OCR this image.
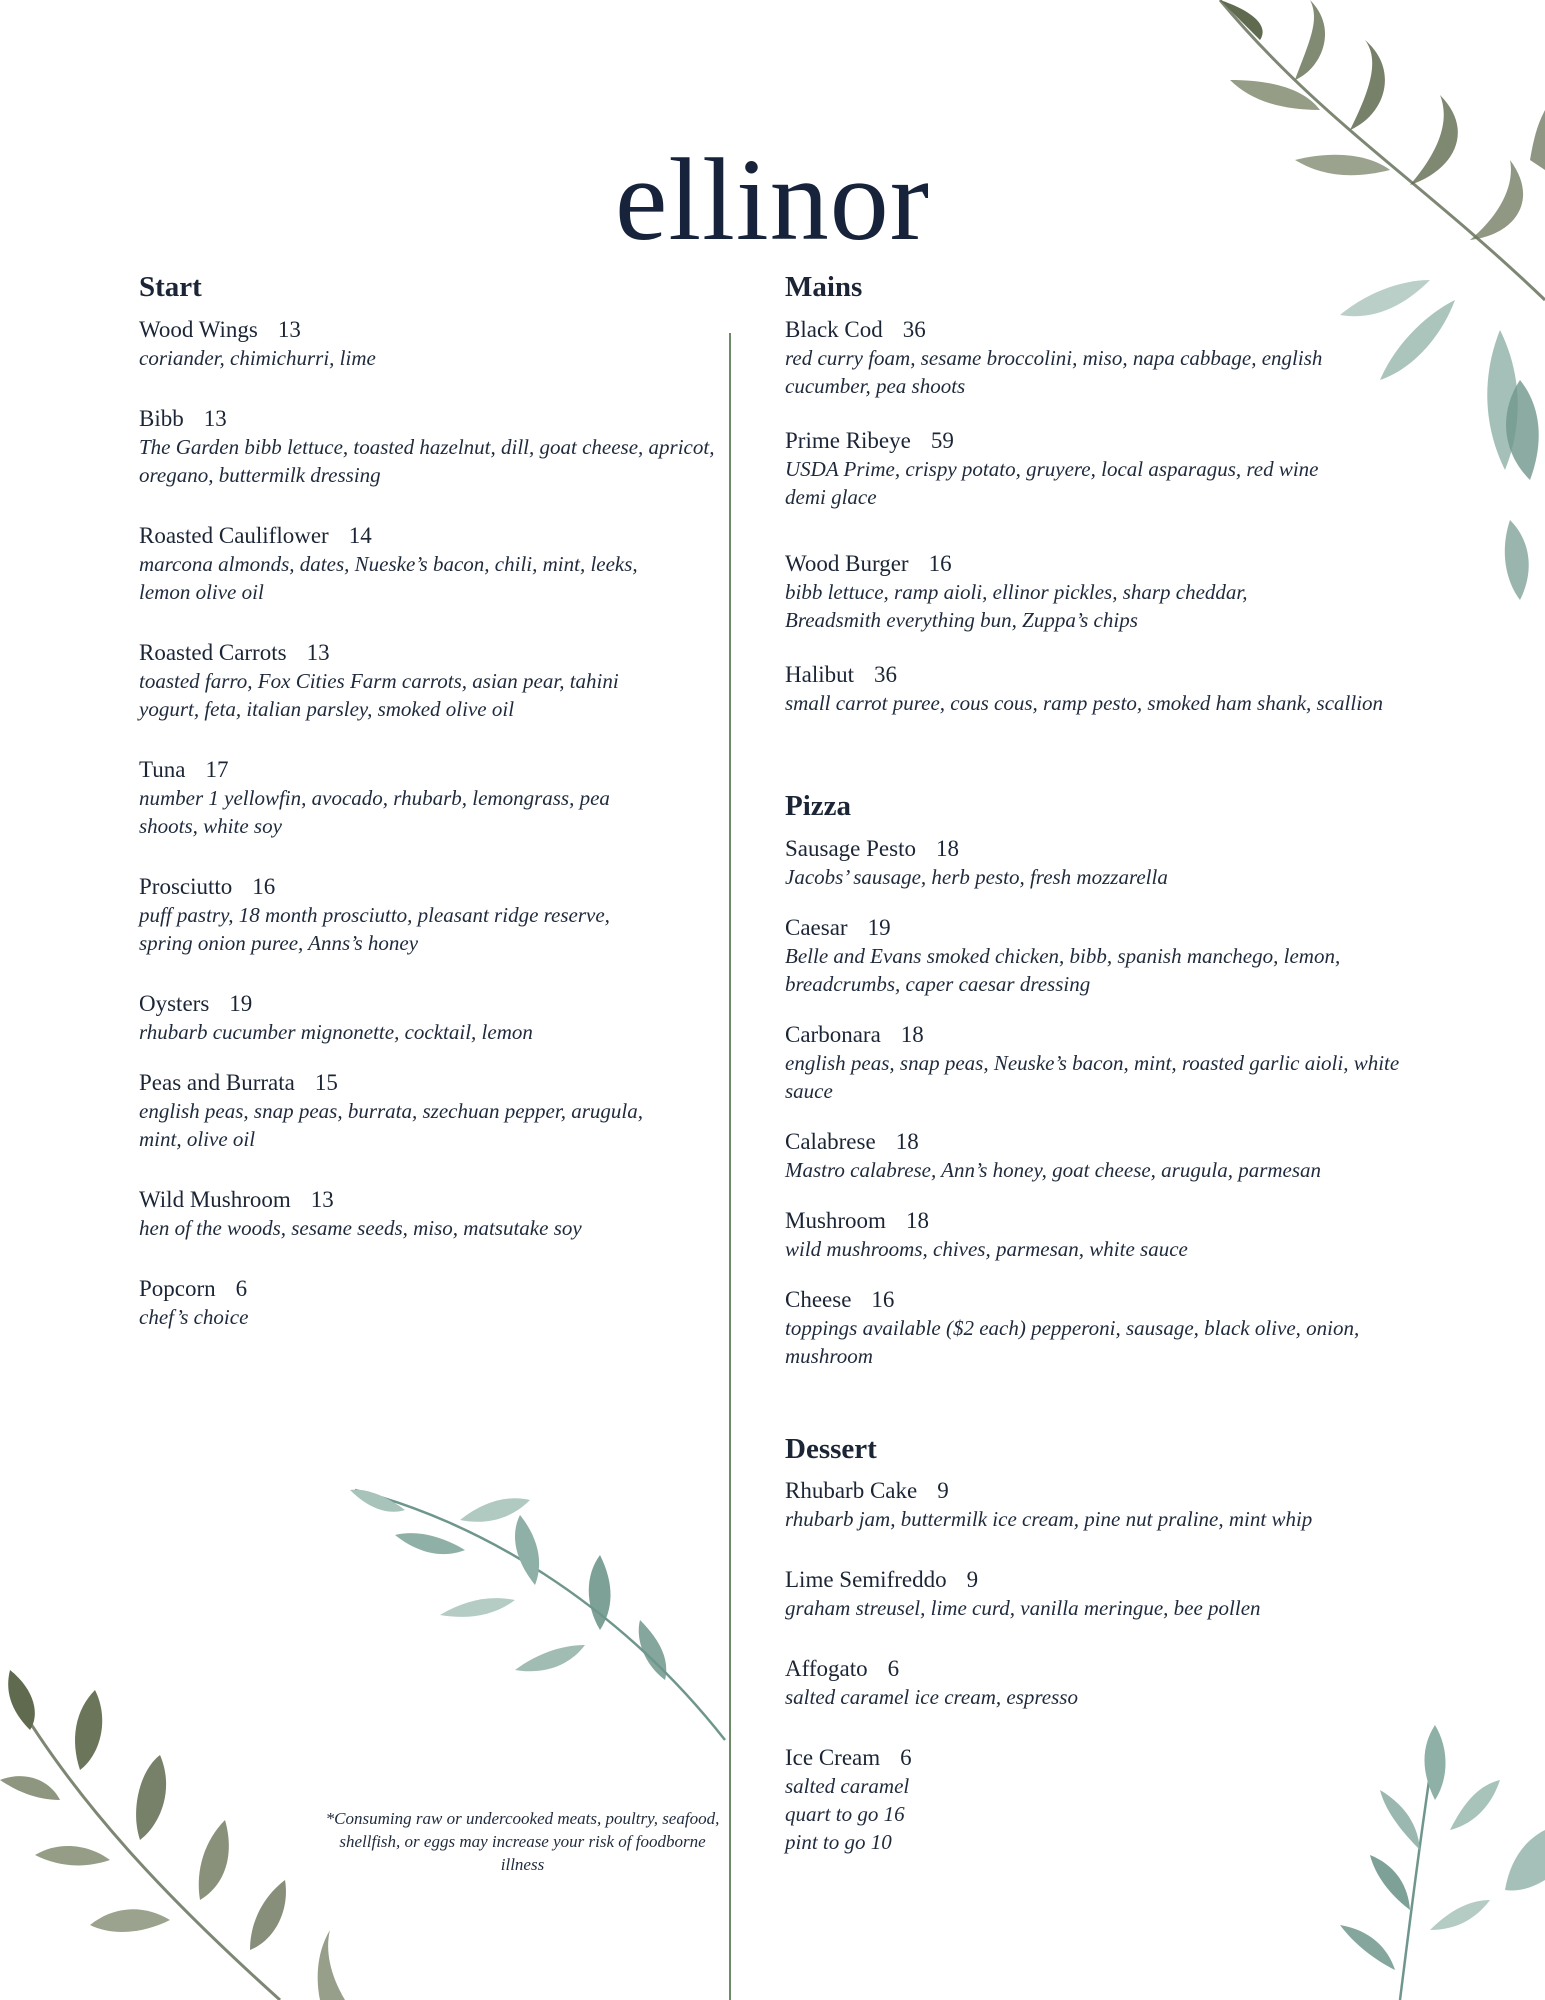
ellinor
Start
Wood Wings 13
coriander, chimichurri, lime
Bibb 13
The Garden bibb lettuce, toasted hazelnut, dill, goat cheese, apricot, oregano, buttermilk dressing
Roasted Cauliflower 14
marcona almonds, dates, Nueske’s bacon, chili, mint, leeks, lemon olive oil
Roasted Carrots 13
toasted farro, Fox Cities Farm carrots, asian pear, tahini yogurt, feta, italian parsley, smoked olive oil
Tuna 17
number 1 yellowfin, avocado, rhubarb, lemongrass, pea shoots, white soy
Prosciutto 16
puff pastry, 18 month prosciutto, pleasant ridge reserve, spring onion puree, Anns’s honey
Oysters 19
rhubarb cucumber mignonette, cocktail, lemon
Peas and Burrata 15
english peas, snap peas, burrata, szechuan pepper, arugula, mint, olive oil
Wild Mushroom 13
hen of the woods, sesame seeds, miso, matsutake soy
Popcorn 6
chef’s choice
Mains
Black Cod 36
red curry foam, sesame broccolini, miso, napa cabbage, english cucumber, pea shoots
Prime Ribeye 59
USDA Prime, crispy potato, gruyere, local asparagus, red wine demi glace
Wood Burger 16
bibb lettuce, ramp aioli, ellinor pickles, sharp cheddar, Breadsmith everything bun, Zuppa’s chips
Halibut 36
small carrot puree, cous cous, ramp pesto, smoked ham shank, scallion
Pizza
Sausage Pesto 18
Jacobs’ sausage, herb pesto, fresh mozzarella
Caesar 19
Belle and Evans smoked chicken, bibb, spanish manchego, lemon, breadcrumbs, caper caesar dressing
Carbonara 18
english peas, snap peas, Neuske’s bacon, mint, roasted garlic aioli, white sauce
Calabrese 18
Mastro calabrese, Ann’s honey, goat cheese, arugula, parmesan
Mushroom 18
wild mushrooms, chives, parmesan, white sauce
Cheese 16
toppings available ($2 each) pepperoni, sausage, black olive, onion, mushroom
Dessert
Rhubarb Cake 9
rhubarb jam, buttermilk ice cream, pine nut praline, mint whip
Lime Semifreddo 9
graham streusel, lime curd, vanilla meringue, bee pollen
Affogato 6
salted caramel ice cream, espresso
Ice Cream 6
salted caramel
quart to go 16
pint to go 10
*Consuming raw or undercooked meats, poultry, seafood, shellfish, or eggs may increase your risk of foodborne illness
